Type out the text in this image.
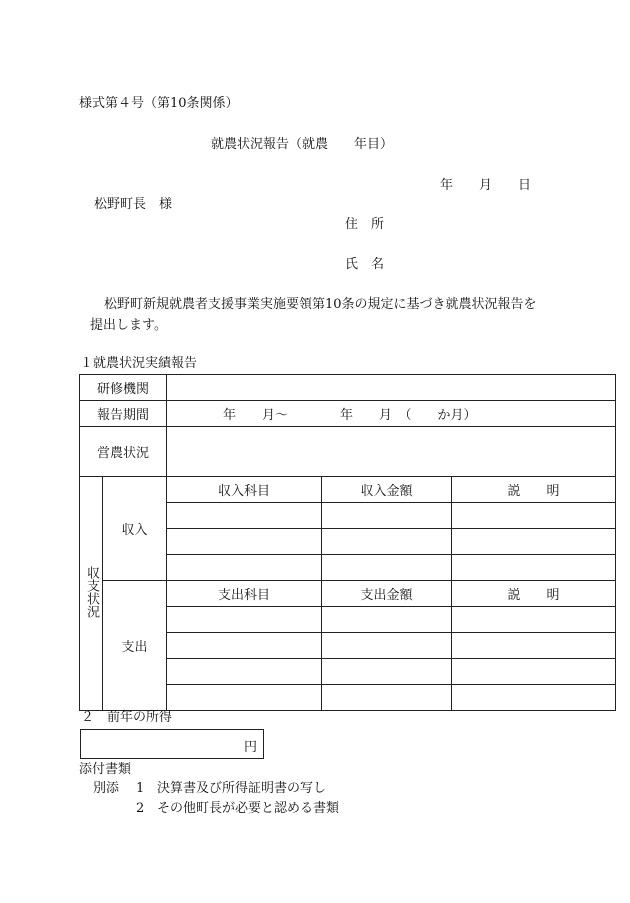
様式第４号（第10条関係）
就農状況報告（就農　　年目）
年　　月　　日
松野町長　様
住　所
氏　名
松野町新規就農者支援事業実施要領第10条の規定に基づき就農状況報告を
提出します。
１就農状況実績報告
研修機関				
報告期間		年　　月～　　　　年　　月　（　　か月）		
営農状況				
収支状況	収入	収入科目	収入金額	説　　明

	支出	支出科目	支出金額	説　　明

２　前年の所得
円
添付書類
別添 1 決算書及び所得証明書の写し
2 その他町長が必要と認める書類
